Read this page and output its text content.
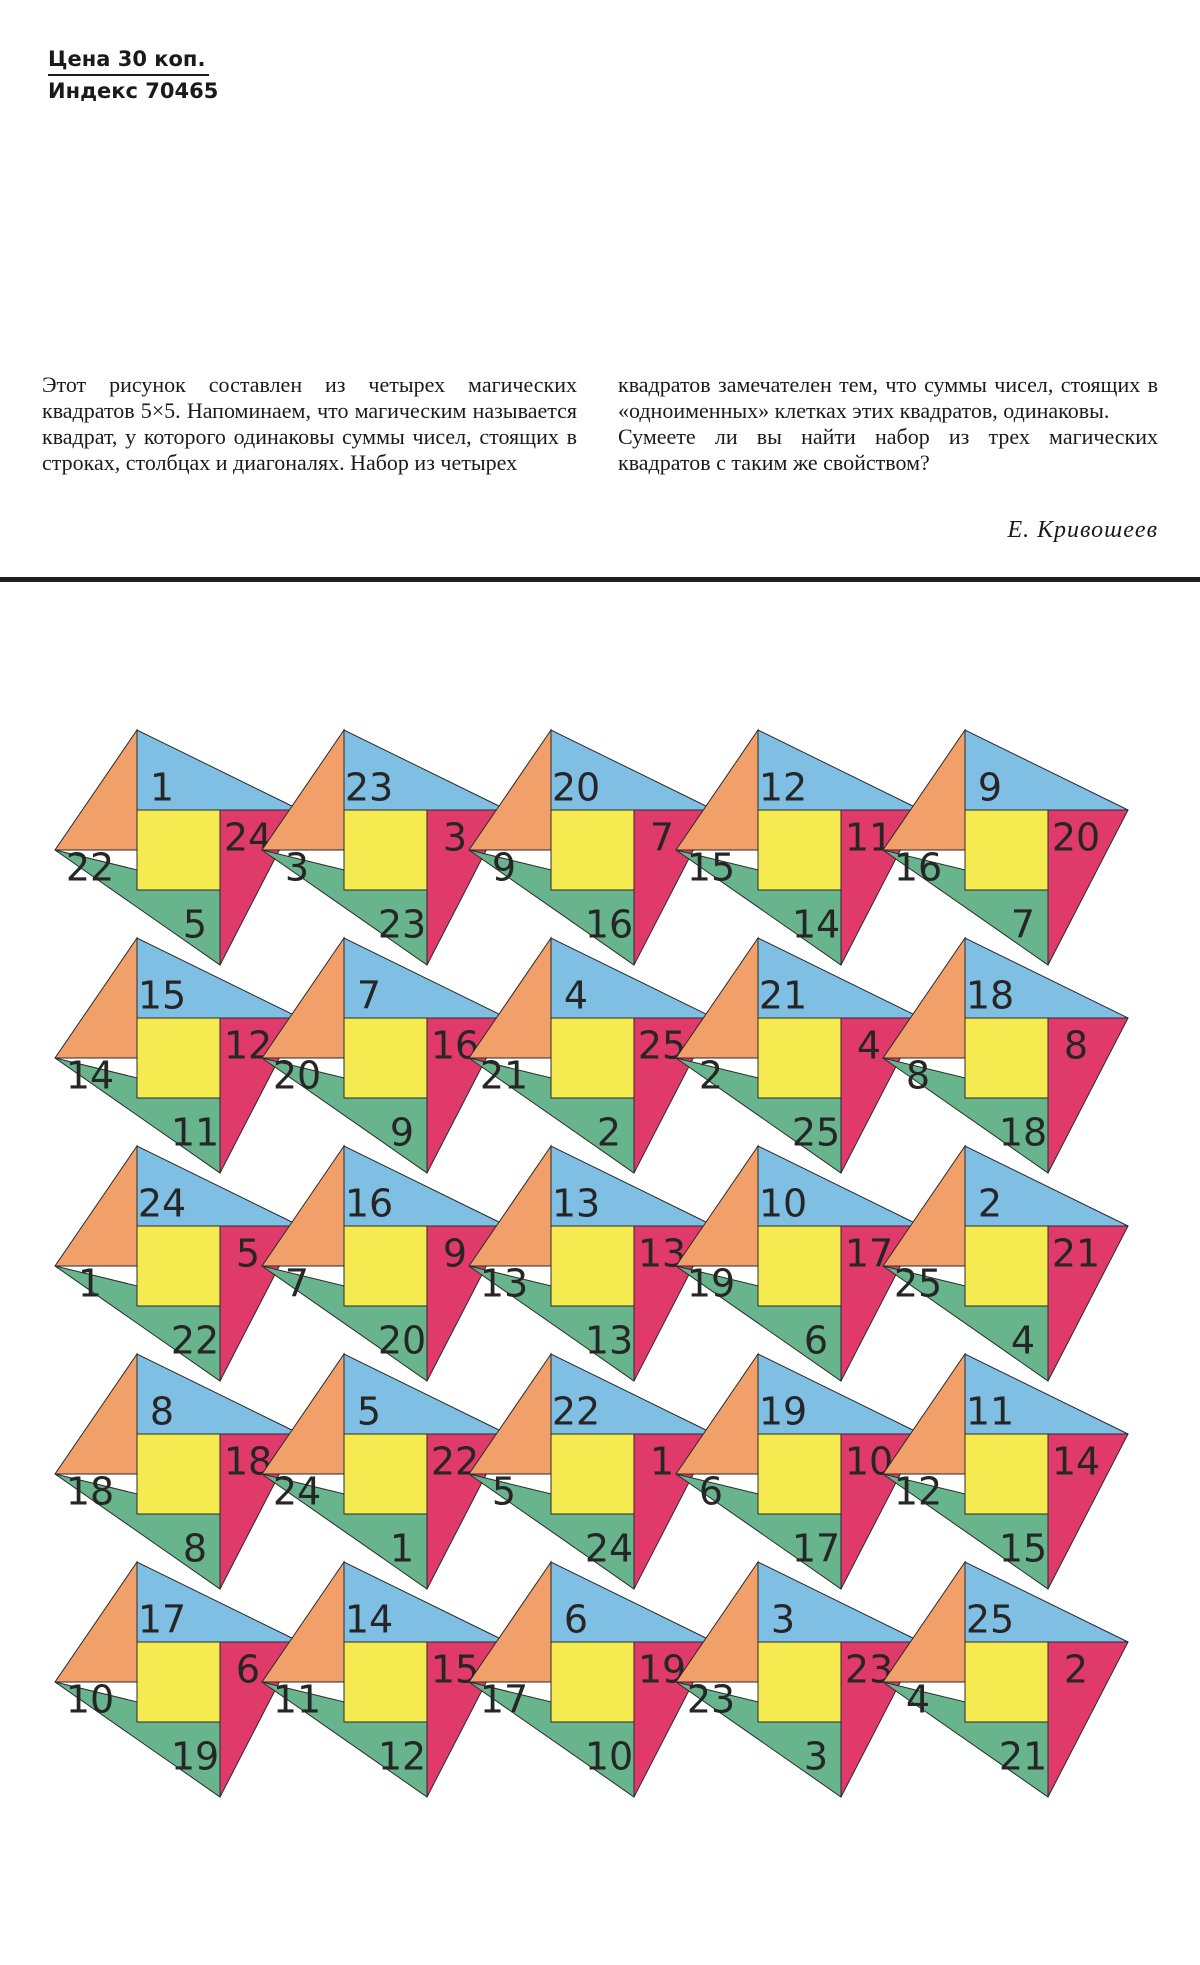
Цена 30 коп.
Индекс 70465

Этот рисунок составлен из четырех магических квадратов 5×5. Напоминаем, что магическим называется квадрат, у которого одинаковы суммы чисел, стоящих в строках, столбцах и диагоналях. Набор из четырех

квадратов замечателен тем, что суммы чисел, стоящих в «одноименных» клетках этих квадратов, одинаковы.

Сумеете ли вы найти набор из трех магических квадратов с таким же свойством?

Е. Кривошеев
1
22
24
5
23
3
3
23
20
9
7
16
12
15
11
14
9
16
20
7
15
14
12
11
7
20
16
9
4
21
25
2
21
2
4
25
18
8
8
18
24
1
5
22
16
7
9
20
13
13
13
13
10
19
17
6
2
25
21
4
8
18
18
8
5
24
22
1
22
5
1
24
19
6
10
17
11
12
14
15
17
10
6
19
14
11
15
12
6
17
19
10
3
23
23
3
25
4
2
21
